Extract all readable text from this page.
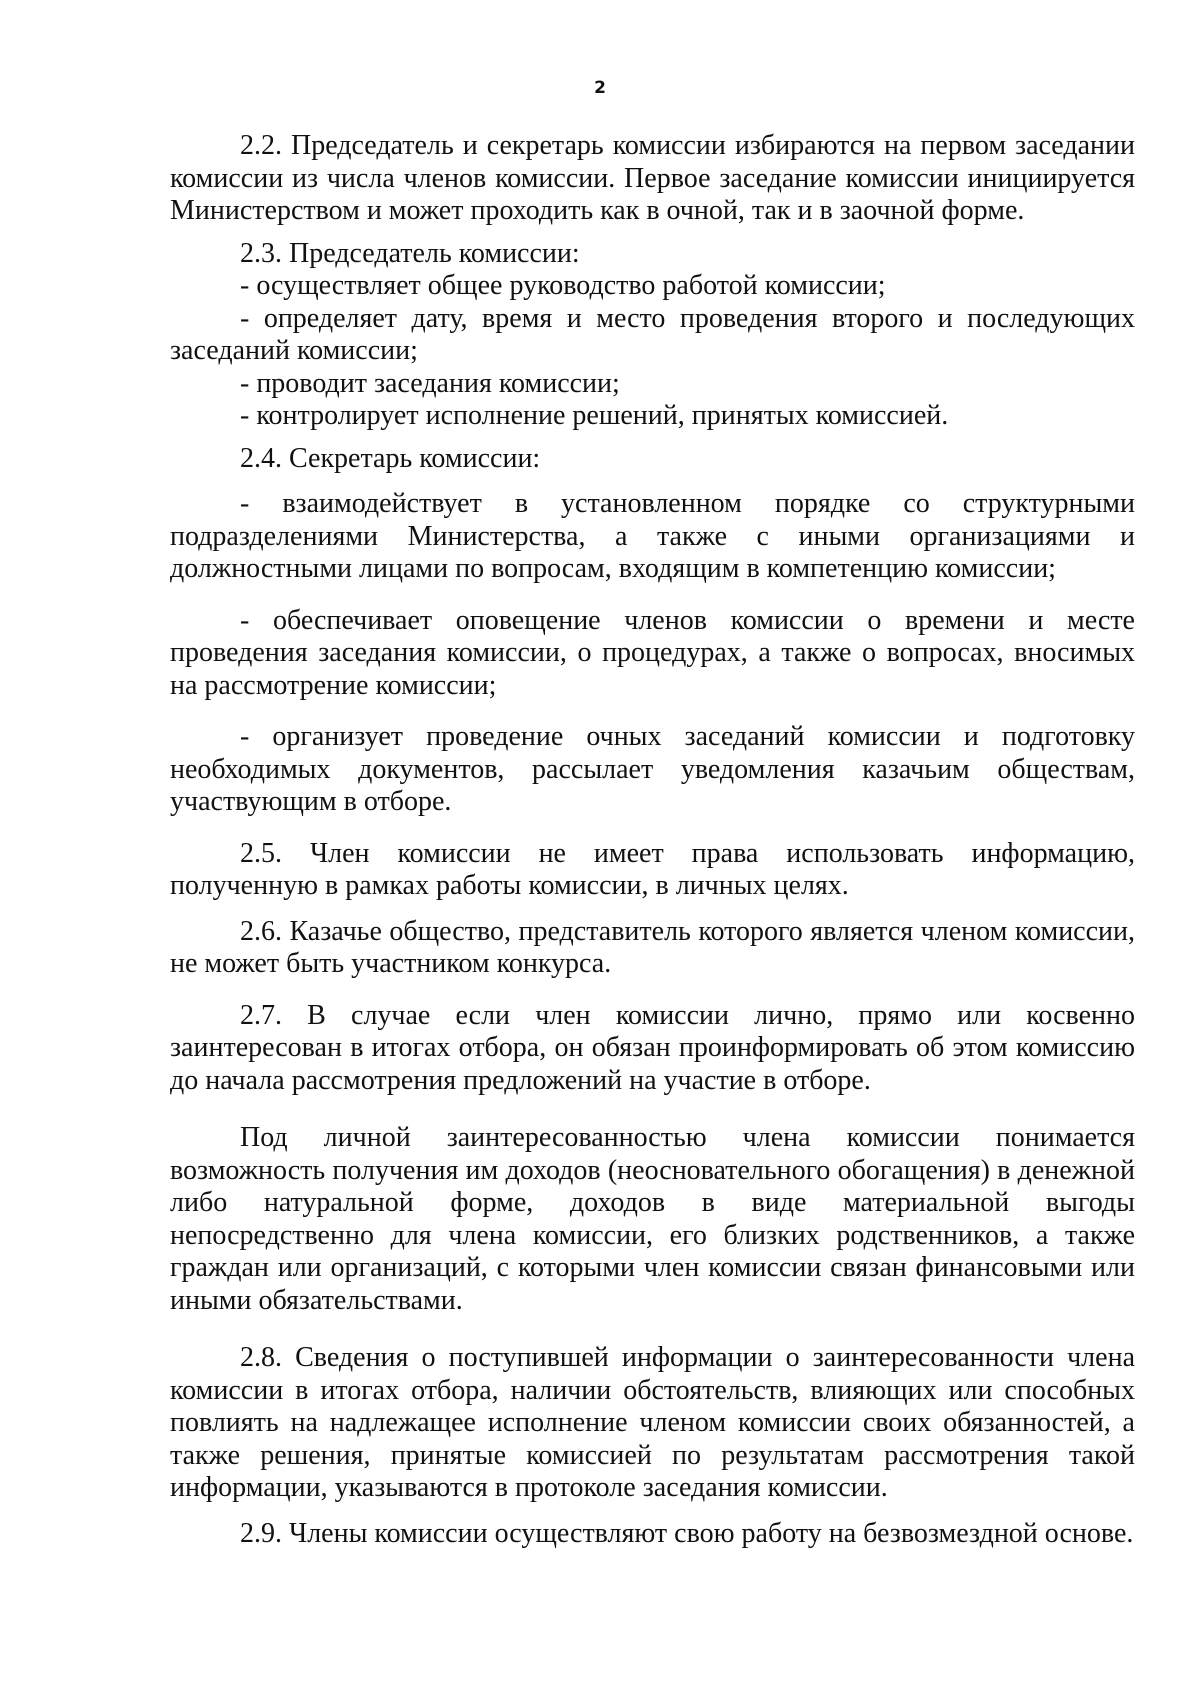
2

2.2. Председатель и секретарь комиссии избираются на первом заседании комиссии из числа членов комиссии. Первое заседание комиссии инициируется Министерством и может проходить как в очной, так и в заочной форме.

2.3. Председатель комиссии:

- осуществляет общее руководство работой комиссии;

- определяет дату, время и место проведения второго и последующих заседаний комиссии;

- проводит заседания комиссии;

- контролирует исполнение решений, принятых комиссией.

2.4. Секретарь комиссии:

- взаимодействует в установленном порядке со структурными подразделениями Министерства, а также с иными организациями и должностными лицами по вопросам, входящим в компетенцию комиссии;

- обеспечивает оповещение членов комиссии о времени и месте проведения заседания комиссии, о процедурах, а также о вопросах, вносимых на рассмотрение комиссии;

- организует проведение очных заседаний комиссии и подготовку необходимых документов, рассылает уведомления казачьим обществам, участвующим в отборе.

2.5. Член комиссии не имеет права использовать информацию, полученную в рамках работы комиссии, в личных целях.

2.6. Казачье общество, представитель которого является членом комиссии, не может быть участником конкурса.

2.7. В случае если член комиссии лично, прямо или косвенно заинтересован в итогах отбора, он обязан проинформировать об этом комиссию до начала рассмотрения предложений на участие в отборе.

Под личной заинтересованностью члена комиссии понимается возможность получения им доходов (неосновательного обогащения) в денежной либо натуральной форме, доходов в виде материальной выгоды непосредственно для члена комиссии, его близких родственников, а также граждан или организаций, с которыми член комиссии связан финансовыми или иными обязательствами.

2.8. Сведения о поступившей информации о заинтересованности члена комиссии в итогах отбора, наличии обстоятельств, влияющих или способных повлиять на надлежащее исполнение членом комиссии своих обязанностей, а также решения, принятые комиссией по результатам рассмотрения такой информации, указываются в протоколе заседания комиссии.

2.9. Члены комиссии осуществляют свою работу на безвозмездной основе.
